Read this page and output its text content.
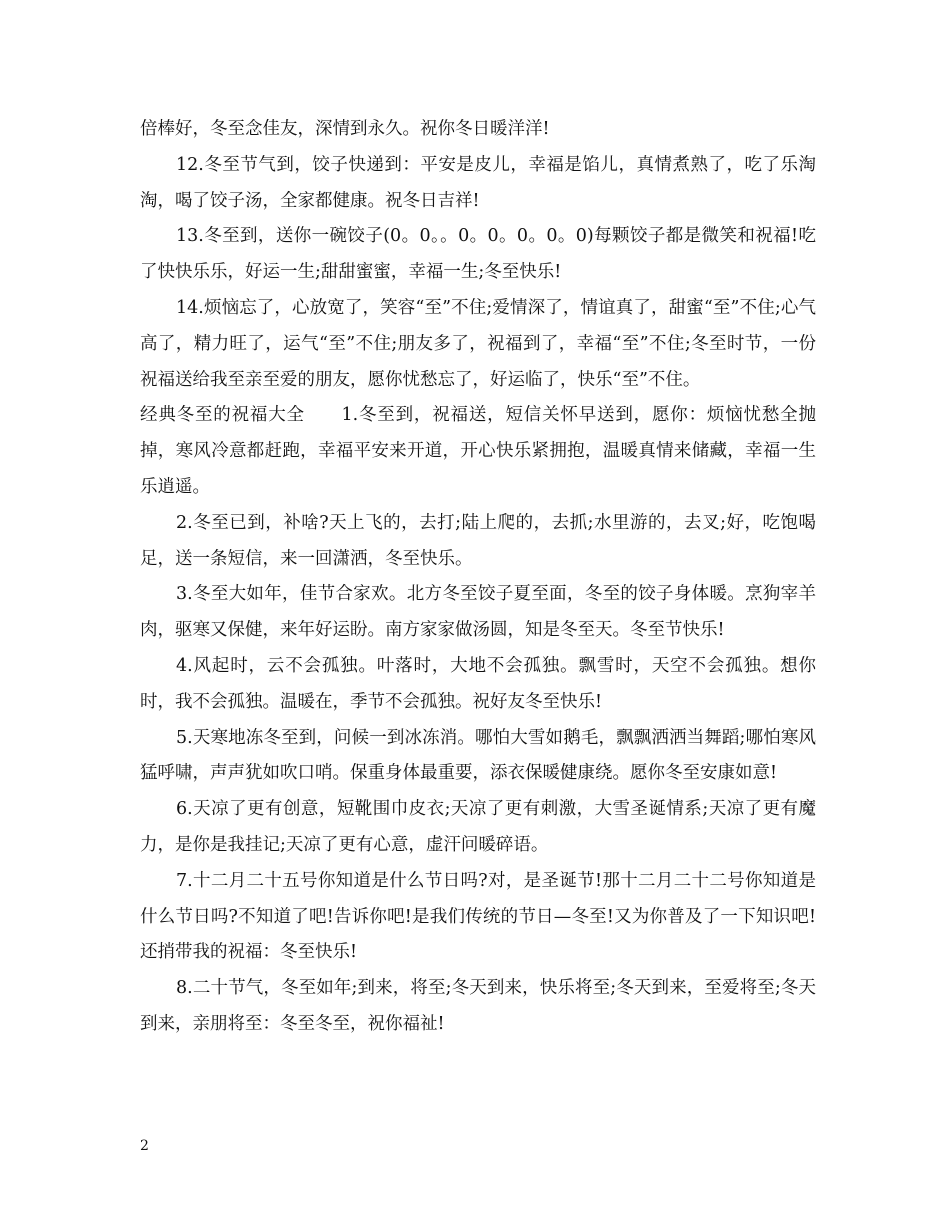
倍棒好，冬至念佳友，深情到永久。祝你冬日暖洋洋!

12.冬至节气到，饺子快递到：平安是皮儿，幸福是馅儿，真情煮熟了，吃了乐淘淘，喝了饺子汤，全家都健康。祝冬日吉祥!

13.冬至到，送你一碗饺子(0。0。。0。0。0。0。0)每颗饺子都是微笑和祝福!吃了快快乐乐，好运一生;甜甜蜜蜜，幸福一生;冬至快乐!

14.烦恼忘了，心放宽了，笑容“至”不住;爱情深了，情谊真了，甜蜜“至”不住;心气高了，精力旺了，运气“至”不住;朋友多了，祝福到了，幸福“至”不住;冬至时节，一份祝福送给我至亲至爱的朋友，愿你忧愁忘了，好运临了，快乐“至”不住。

经典冬至的祝福大全　　1.冬至到，祝福送，短信关怀早送到，愿你：烦恼忧愁全抛掉，寒风冷意都赶跑，幸福平安来开道，开心快乐紧拥抱，温暖真情来储藏，幸福一生乐逍遥。

2.冬至已到，补啥?天上飞的，去打;陆上爬的，去抓;水里游的，去叉;好，吃饱喝足，送一条短信，来一回潇洒，冬至快乐。

3.冬至大如年，佳节合家欢。北方冬至饺子夏至面，冬至的饺子身体暖。烹狗宰羊肉，驱寒又保健，来年好运盼。南方家家做汤圆，知是冬至天。冬至节快乐!

4.风起时，云不会孤独。叶落时，大地不会孤独。飘雪时，天空不会孤独。想你时，我不会孤独。温暖在，季节不会孤独。祝好友冬至快乐!

5.天寒地冻冬至到，问候一到冰冻消。哪怕大雪如鹅毛，飘飘洒洒当舞蹈;哪怕寒风猛呼啸，声声犹如吹口哨。保重身体最重要，添衣保暖健康绕。愿你冬至安康如意!

6.天凉了更有创意，短靴围巾皮衣;天凉了更有刺激，大雪圣诞情系;天凉了更有魔力，是你是我挂记;天凉了更有心意，虚汗问暖碎语。

7.十二月二十五号你知道是什么节日吗?对，是圣诞节!那十二月二十二号你知道是什么节日吗?不知道了吧!告诉你吧!是我们传统的节日—冬至!又为你普及了一下知识吧!还捎带我的祝福：冬至快乐!

8.二十节气，冬至如年;到来，将至;冬天到来，快乐将至;冬天到来，至爱将至;冬天到来，亲朋将至：冬至冬至，祝你福祉!

2
